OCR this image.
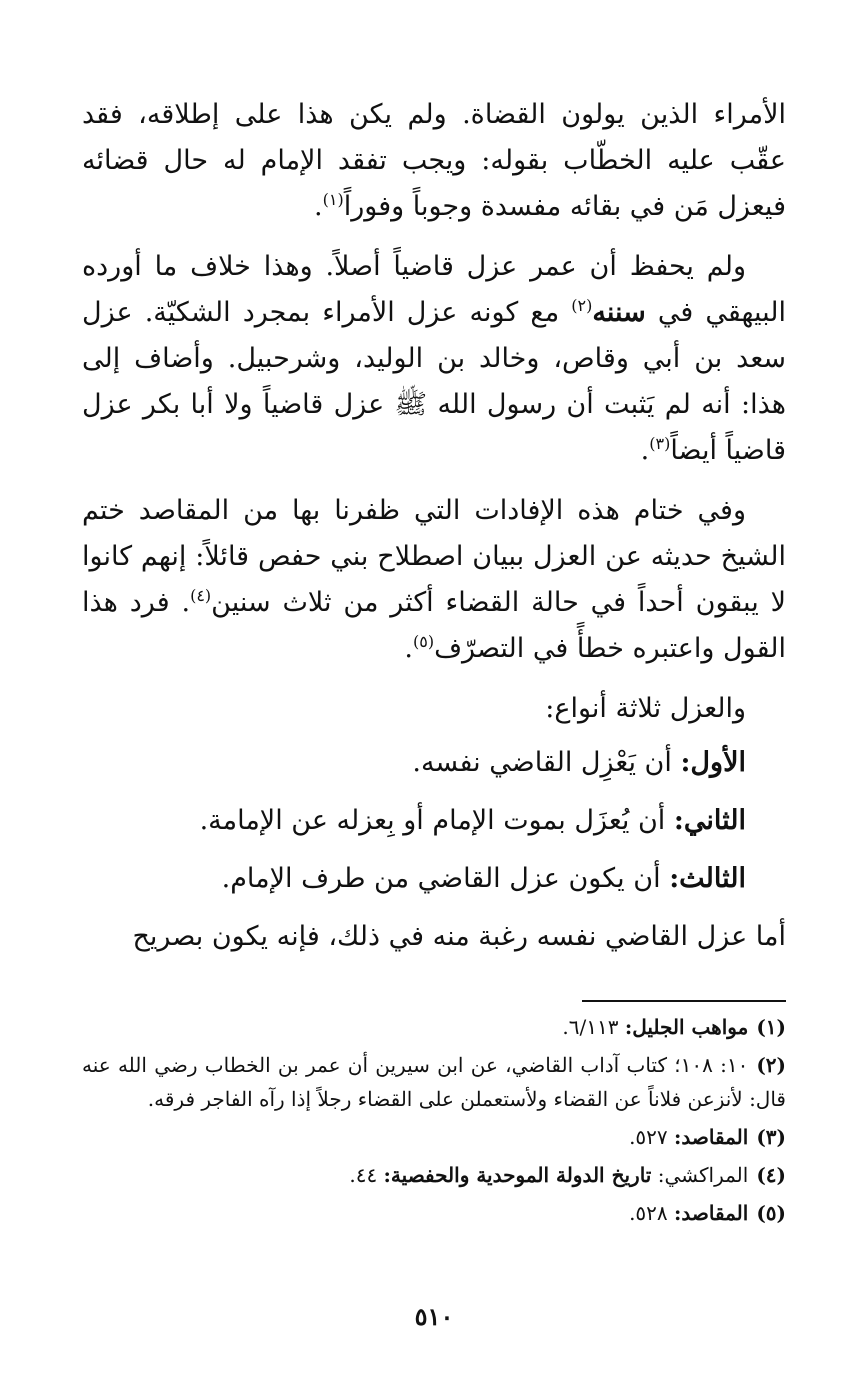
الأمراء الذين يولون القضاة. ولم يكن هذا على إطلاقه، فقد عقّب عليه الخطّاب بقوله: ويجب تفقد الإمام له حال قضائه فيعزل مَن في بقائه مفسدة وجوباً وفوراً$^{(١)}$.

ولم يحفظ أن عمر عزل قاضياً أصلاً. وهذا خلاف ما أورده البيهقي في سننه$^{(٢)}$ مع كونه عزل الأمراء بمجرد الشكيّة. عزل سعد بن أبي وقاص، وخالد بن الوليد، وشرحبيل. وأضاف إلى هذا: أنه لم يَثبت أن رسول الله ﷺ عزل قاضياً ولا أبا بكر عزل قاضياً أيضاً$^{(٣)}$.

وفي ختام هذه الإفادات التي ظفرنا بها من المقاصد ختم الشيخ حديثه عن العزل ببيان اصطلاح بني حفص قائلاً: إنهم كانوا لا يبقون أحداً في حالة القضاء أكثر من ثلاث سنين$^{(٤)}$. فرد هذا القول واعتبره خطأً في التصرّف$^{(٥)}$.

والعزل ثلاثة أنواع:

الأول: أن يَعْزِل القاضي نفسه.

الثاني: أن يُعزَل بموت الإمام أو بِعزله عن الإمامة.

الثالث: أن يكون عزل القاضي من طرف الإمام.

أما عزل القاضي نفسه رغبة منه في ذلك، فإنه يكون بصريح

(١)مواهب الجليل: ٦/١١٣.

(٢)١٠: ١٠٨؛ كتاب آداب القاضي، عن ابن سيرين أن عمر بن الخطاب رضي الله عنه قال: لأنزعن فلاناً عن القضاء ولأستعملن على القضاء رجلاً إذا رآه الفاجر فرقه.

(٣)المقاصد: ٥٢٧.

(٤)المراكشي: تاريخ الدولة الموحدية والحفصية: ٤٤.

(٥)المقاصد: ٥٢٨.

٥١٠
